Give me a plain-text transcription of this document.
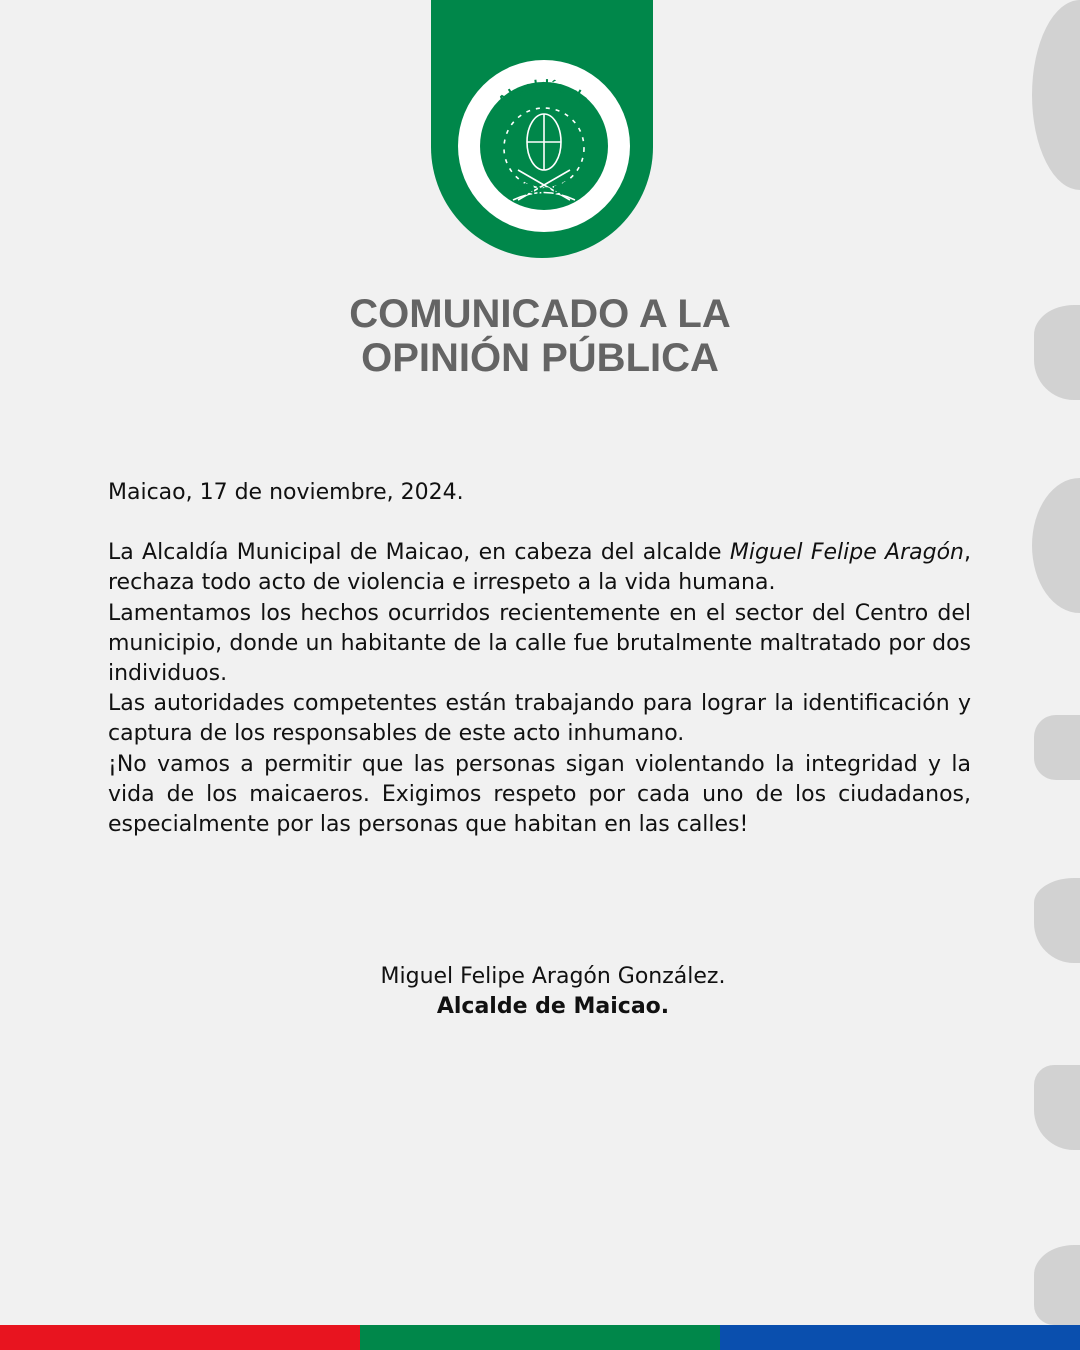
Alcaldía de
MAICAO
COMUNICADO A LA
OPINIÓN PÚBLICA

Maicao, 17 de noviembre, 2024.

La Alcaldía Municipal de Maicao, en cabeza del alcalde Miguel Felipe Aragón, rechaza todo acto de violencia e irrespeto a la vida humana.

Lamentamos los hechos ocurridos recientemente en el sector del Centro del municipio, donde un habitante de la calle fue brutalmente maltratado por dos individuos.

Las autoridades competentes están trabajando para lograr la identificación y captura de los responsables de este acto inhumano.

¡No vamos a permitir que las personas sigan violentando la integridad y la vida de los maicaeros. Exigimos respeto por cada uno de los ciudadanos, especialmente por las personas que habitan en las calles!

Miguel Felipe Aragón González.
Alcalde de Maicao.
